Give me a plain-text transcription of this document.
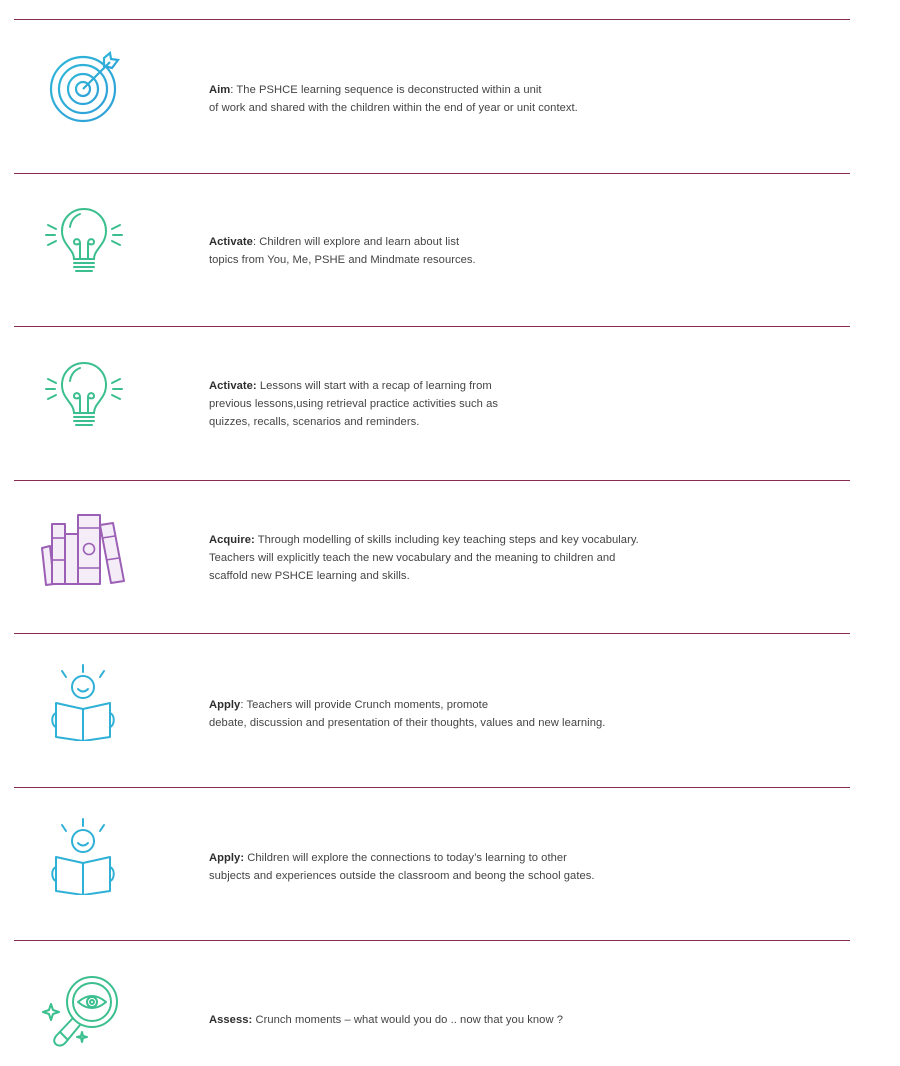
Aim: The PSHCE learning sequence is deconstructed within a unit
of work and shared with the children within the end of year or unit context.
Activate: Children will explore and learn about list
topics from You, Me, PSHE and Mindmate resources.
Activate: Lessons will start with a recap of learning from
previous lessons,using retrieval practice activities such as
quizzes, recalls, scenarios and reminders.
Acquire: Through modelling of skills including key teaching steps and key vocabulary.
Teachers will explicitly teach the new vocabulary and the meaning to children and
scaffold new PSHCE learning and skills.
Apply: Teachers will provide Crunch moments, promote
debate, discussion and presentation of their thoughts, values and new learning.
Apply: Children will explore the connections to today’s learning to other
subjects and experiences outside the classroom and beong the school gates.
Assess: Crunch moments – what would you do .. now that you know ?
